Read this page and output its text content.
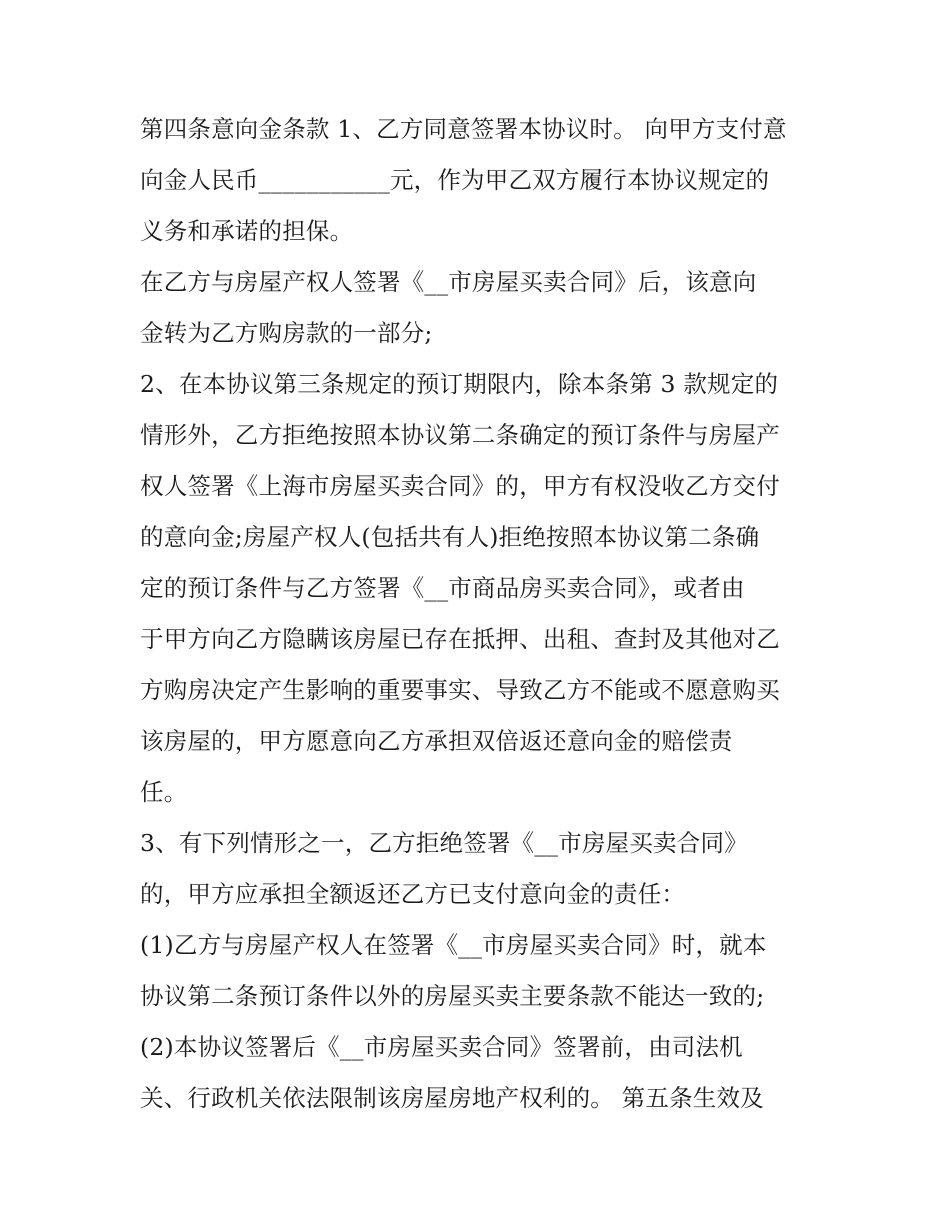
第四条意向金条款 1、乙方同意签署本协议时。 向甲方支付意
向金人民币___________元，作为甲乙双方履行本协议规定的
义务和承诺的担保。
在乙方与房屋产权人签署《__市房屋买卖合同》后，该意向
金转为乙方购房款的一部分;
2、在本协议第三条规定的预订期限内，除本条第 3 款规定的
情形外，乙方拒绝按照本协议第二条确定的预订条件与房屋产
权人签署《上海市房屋买卖合同》的，甲方有权没收乙方交付
的意向金;房屋产权人(包括共有人)拒绝按照本协议第二条确
定的预订条件与乙方签署《__市商品房买卖合同》，或者由
于甲方向乙方隐瞒该房屋已存在抵押、出租、查封及其他对乙
方购房决定产生影响的重要事实、导致乙方不能或不愿意购买
该房屋的，甲方愿意向乙方承担双倍返还意向金的赔偿责
任。
3、有下列情形之一，乙方拒绝签署《__市房屋买卖合同》
的，甲方应承担全额返还乙方已支付意向金的责任：
(1)乙方与房屋产权人在签署《__市房屋买卖合同》时，就本
协议第二条预订条件以外的房屋买卖主要条款不能达一致的;
(2)本协议签署后《__市房屋买卖合同》签署前，由司法机
关、行政机关依法限制该房屋房地产权利的。 第五条生效及
